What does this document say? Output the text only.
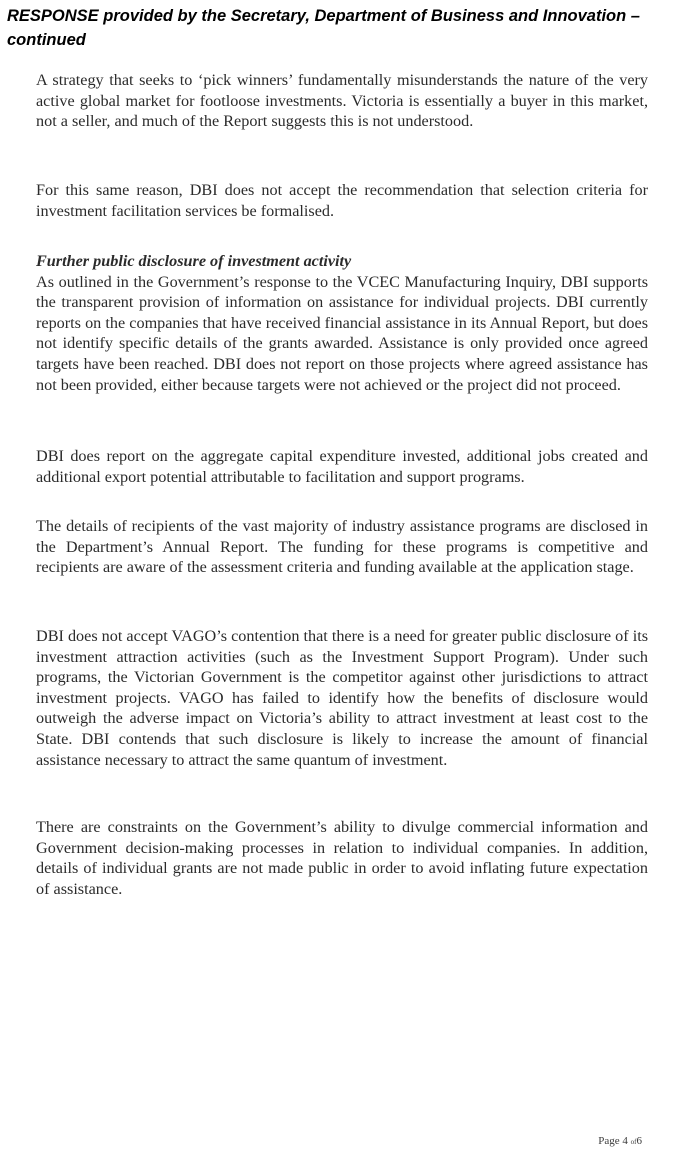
RESPONSE provided by the Secretary, Department of Business and Innovation – continued

A strategy that seeks to ‘pick winners’ fundamentally misunderstands the nature of the very active global market for footloose investments. Victoria is essentially a buyer in this market, not a seller, and much of the Report suggests this is not understood.

For this same reason, DBI does not accept the recommendation that selection criteria for investment facilitation services be formalised.

Further public disclosure of investment activity

As outlined in the Government’s response to the VCEC Manufacturing Inquiry, DBI supports the transparent provision of information on assistance for individual projects. DBI currently reports on the companies that have received financial assistance in its Annual Report, but does not identify specific details of the grants awarded. Assistance is only provided once agreed targets have been reached. DBI does not report on those projects where agreed assistance has not been provided, either because targets were not achieved or the project did not proceed.

DBI does report on the aggregate capital expenditure invested, additional jobs created and additional export potential attributable to facilitation and support programs.

The details of recipients of the vast majority of industry assistance programs are disclosed in the Department’s Annual Report. The funding for these programs is competitive and recipients are aware of the assessment criteria and funding available at the application stage.

DBI does not accept VAGO’s contention that there is a need for greater public disclosure of its investment attraction activities (such as the Investment Support Program). Under such programs, the Victorian Government is the competitor against other jurisdictions to attract investment projects. VAGO has failed to identify how the benefits of disclosure would outweigh the adverse impact on Victoria’s ability to attract investment at least cost to the State. DBI contends that such disclosure is likely to increase the amount of financial assistance necessary to attract the same quantum of investment.

There are constraints on the Government’s ability to divulge commercial information and Government decision-making processes in relation to individual companies. In addition, details of individual grants are not made public in order to avoid inflating future expectation of assistance.

Page 4 of6
